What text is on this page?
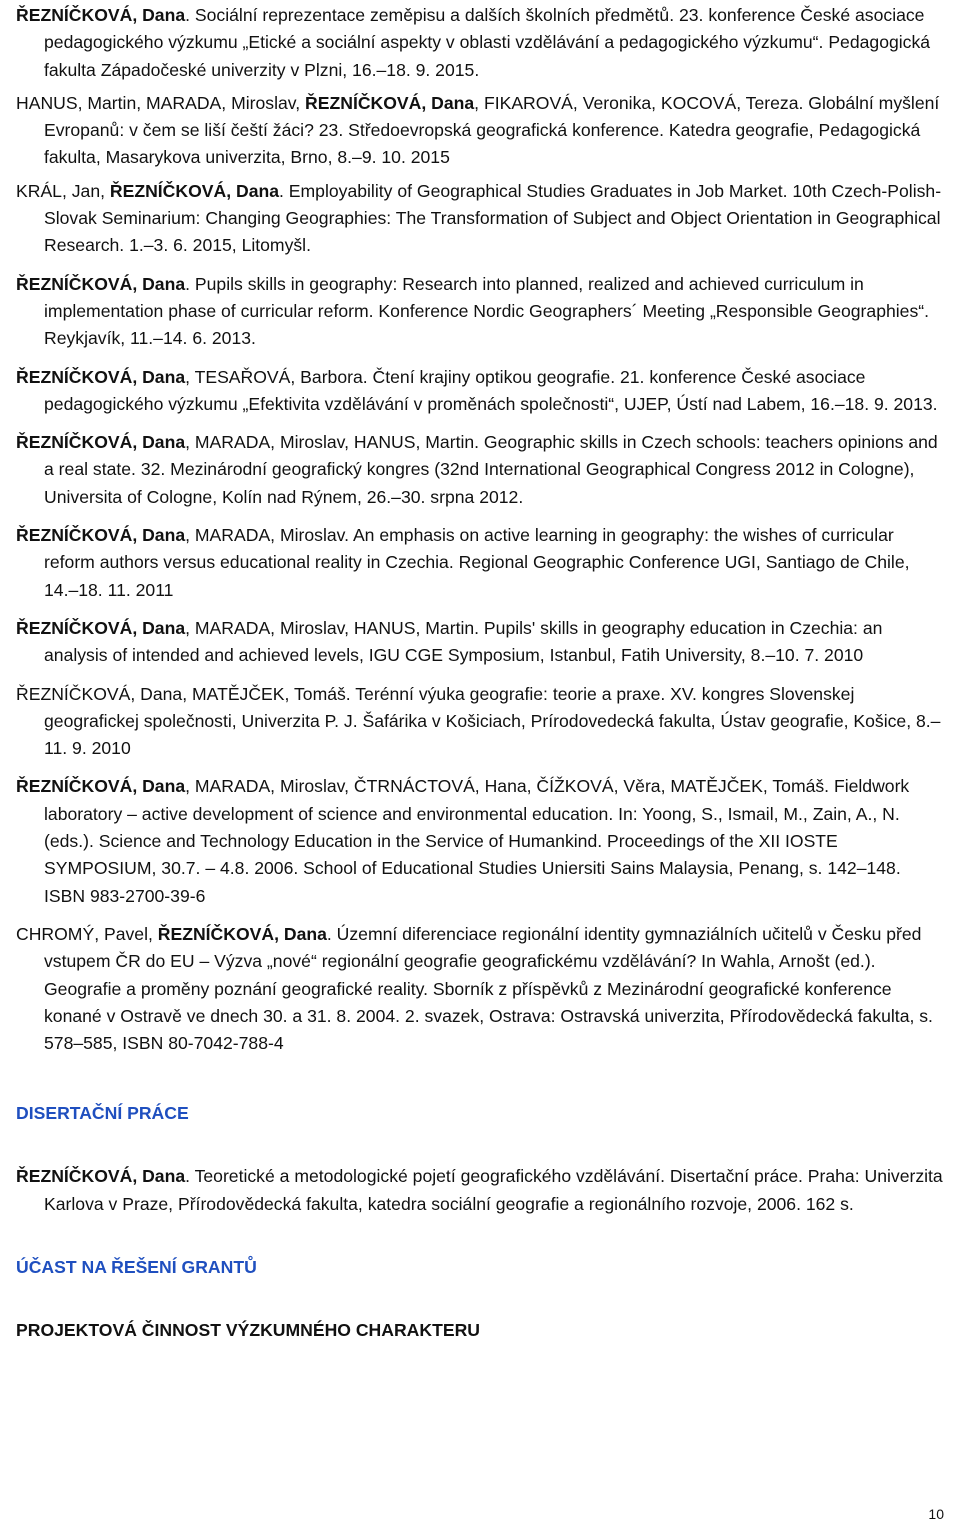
ŘEZNÍČKOVÁ, Dana. Sociální reprezentace zeměpisu a dalších školních předmětů. 23. konference České asociace pedagogického výzkumu „Etické a sociální aspekty v oblasti vzdělávání a pedagogického výzkumu“. Pedagogická fakulta Západočeské univerzity v Plzni, 16.–18. 9. 2015.

HANUS, Martin, MARADA, Miroslav, ŘEZNÍČKOVÁ, Dana, FIKAROVÁ, Veronika, KOCOVÁ, Tereza. Globální myšlení Evropanů: v čem se liší čeští žáci? 23. Středoevropská geografická konference. Katedra geografie, Pedagogická fakulta, Masarykova univerzita, Brno, 8.–9. 10. 2015

KRÁL, Jan, ŘEZNÍČKOVÁ, Dana. Employability of Geographical Studies Graduates in Job Market. 10th Czech-Polish-Slovak Seminarium: Changing Geographies: The Transformation of Subject and Object Orientation in Geographical Research. 1.–3. 6. 2015, Litomyšl.

ŘEZNÍČKOVÁ, Dana. Pupils skills in geography: Research into planned, realized and achieved curriculum in implementation phase of curricular reform. Konference Nordic Geographers´ Meeting „Responsible Geographies“. Reykjavík, 11.–14. 6. 2013.

ŘEZNÍČKOVÁ, Dana, TESAŘOVÁ, Barbora. Čtení krajiny optikou geografie. 21. konference České asociace pedagogického výzkumu „Efektivita vzdělávání v proměnách společnosti“, UJEP, Ústí nad Labem, 16.–18. 9. 2013.

ŘEZNÍČKOVÁ, Dana, MARADA, Miroslav, HANUS, Martin. Geographic skills in Czech schools: teachers opinions and a real state. 32. Mezinárodní geografický kongres (32nd International Geographical Congress 2012 in Cologne), Universita of Cologne, Kolín nad Rýnem, 26.–30. srpna 2012.

ŘEZNÍČKOVÁ, Dana, MARADA, Miroslav. An emphasis on active learning in geography: the wishes of curricular reform authors versus educational reality in Czechia. Regional Geographic Conference UGI, Santiago de Chile, 14.–18. 11. 2011

ŘEZNÍČKOVÁ, Dana, MARADA, Miroslav, HANUS, Martin. Pupils' skills in geography education in Czechia: an analysis of intended and achieved levels, IGU CGE Symposium, Istanbul, Fatih University, 8.–10. 7. 2010

ŘEZNÍČKOVÁ, Dana, MATĚJČEK, Tomáš. Terénní výuka geografie: teorie a praxe. XV. kongres Slovenskej geografickej společnosti, Univerzita P. J. Šafárika v Košiciach, Prírodovedecká fakulta, Ústav geografie, Košice, 8.–11. 9. 2010

ŘEZNÍČKOVÁ, Dana, MARADA, Miroslav, ČTRNÁCTOVÁ, Hana, ČÍŽKOVÁ, Věra, MATĚJČEK, Tomáš. Fieldwork laboratory – active development of science and environmental education. In: Yoong, S., Ismail, M., Zain, A., N. (eds.). Science and Technology Education in the Service of Humankind. Proceedings of the XII IOSTE SYMPOSIUM, 30.7. – 4.8. 2006. School of Educational Studies Uniersiti Sains Malaysia, Penang, s. 142–148. ISBN 983-2700-39-6

CHROMÝ, Pavel, ŘEZNÍČKOVÁ, Dana. Územní diferenciace regionální identity gymnaziálních učitelů v Česku před vstupem ČR do EU – Výzva „nové“ regionální geografie geografickému vzdělávání? In Wahla, Arnošt (ed.). Geografie a proměny poznání geografické reality. Sborník z příspěvků z Mezinárodní geografické konference konané v Ostravě ve dnech 30. a 31. 8. 2004. 2. svazek, Ostrava: Ostravská univerzita, Přírodovědecká fakulta, s. 578–585, ISBN 80-7042-788-4

DISERTAČNÍ PRÁCE

ŘEZNÍČKOVÁ, Dana. Teoretické a metodologické pojetí geografického vzdělávání. Disertační práce. Praha: Univerzita Karlova v Praze, Přírodovědecká fakulta, katedra sociální geografie a regionálního rozvoje, 2006. 162 s.

ÚČAST NA ŘEŠENÍ GRANTŮ
PROJEKTOVÁ ČINNOST VÝZKUMNÉHO CHARAKTERU
10
